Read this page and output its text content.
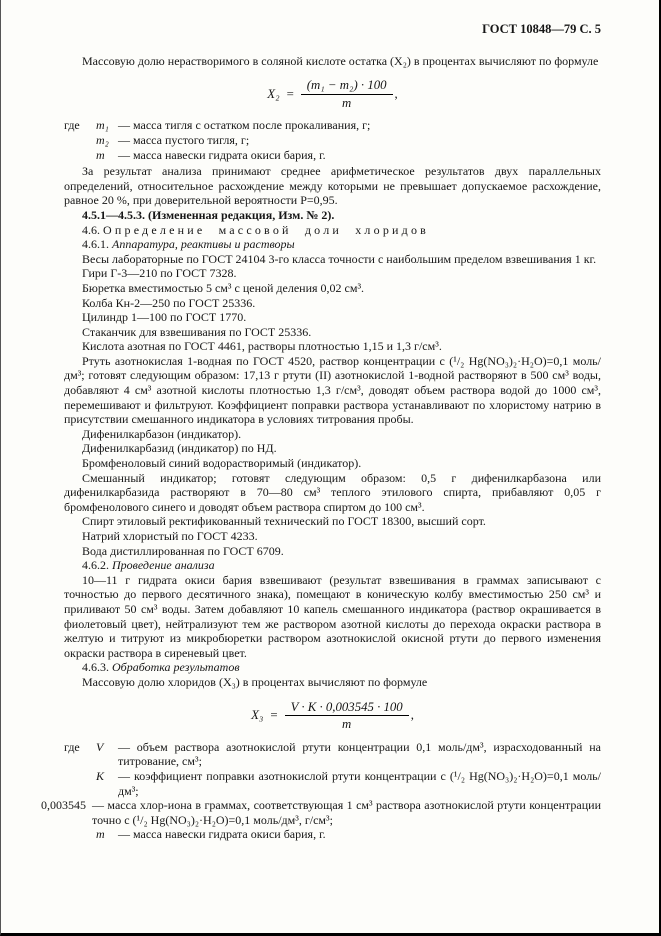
ГОСТ 10848—79 С. 5

Массовую долю нерастворимого в соляной кислоте остатка (X₂) в процентах вычисляют по формуле

$X_2 = \frac{\text{(m₁ − m₂) · 100}}{m}$ ,
где	m₁ — масса тигля с остатком после прокаливания, г;
m₂ — масса пустого тигля, г;
m	— масса навески гидрата окиси бария, г.

За результат анализа принимают среднее арифметическое результатов двух параллельных определений, относительное расхождение между которыми не превышает допускаемое расхождение, равное 20 %, при доверительной вероятности Р=0,95.

4.5.1—4.5.3. (Измененная редакция, Изм. № 2).

4.6. Определение массовой доли хлоридов

4.6.1. Аппаратура, реактивы и растворы

Весы лабораторные по ГОСТ 24104 3-го класса точности с наибольшим пределом взвешивания 1 кг.

Гири Г-3—210 по ГОСТ 7328.

Бюретка вместимостью 5 см³ с ценой деления 0,02 см³.

Колба Кн-2—250 по ГОСТ 25336.

Цилиндр 1—100 по ГОСТ 1770.

Стаканчик для взвешивания по ГОСТ 25336.

Кислота азотная по ГОСТ 4461, растворы плотностью 1,15 и 1,3 г/см³.

Ртуть азотнокислая 1-водная по ГОСТ 4520, раствор концентрации с (¹/₂ Hg(NO₃)₂·H₂O)=0,1 моль/дм³; готовят следующим образом: 17,13 г ртути (II) азотнокислой 1-водной растворяют в 500 см³ воды, добавляют 4 см³ азотной кислоты плотностью 1,3 г/см³, доводят объем раствора водой до 1000 см³, перемешивают и фильтруют. Коэффициент поправки раствора устанавливают по хлористому натрию в присутствии смешанного индикатора в условиях титрования пробы.

Дифенилкарбазон (индикатор).

Дифенилкарбазид (индикатор) по НД.

Бромфеноловый синий водорастворимый (индикатор).

Смешанный индикатор; готовят следующим образом: 0,5 г дифенилкарбазона или дифенилкарбазида растворяют в 70—80 см³ теплого этилового спирта, прибавляют 0,05 г бромфенолового синего и доводят объем раствора спиртом до 100 см³.

Спирт этиловый ректификованный технический по ГОСТ 18300, высший сорт.

Натрий хлористый по ГОСТ 4233.

Вода дистиллированная по ГОСТ 6709.

4.6.2. Проведение анализа

10—11 г гидрата окиси бария взвешивают (результат взвешивания в граммах записывают с точностью до первого десятичного знака), помещают в коническую колбу вместимостью 250 см³ и приливают 50 см³ воды. Затем добавляют 10 капель смешанного индикатора (раствор окрашивается в фиолетовый цвет), нейтрализуют тем же раствором азотной кислоты до перехода окраски раствора в желтую и титруют из микробюретки раствором азотнокислой окисной ртути до первого изменения окраски раствора в сиреневый цвет.

4.6.3. Обработка результатов

Массовую долю хлоридов (X₃) в процентах вычисляют по формуле

$X_3 = \frac{V \cdot K \cdot 0,003545 \cdot 100}{m}$ ,
где	V	— объем раствора азотнокислой ртути концентрации 0,1 моль/дм³, израсходованный на титрование, см³;
K	— коэффициент поправки азотнокислой ртути концентрации с (¹/₂ Hg(NO₃)₂·H₂O)=0,1 моль/дм³;
0,003545 — масса хлор-иона в граммах, соответствующая 1 см³ раствора азотнокислой ртути концентрации точно с (¹/₂ Hg(NO₃)₂·H₂O)=0,1 моль/дм³, г/см³;
m	— масса навески гидрата окиси бария, г.
